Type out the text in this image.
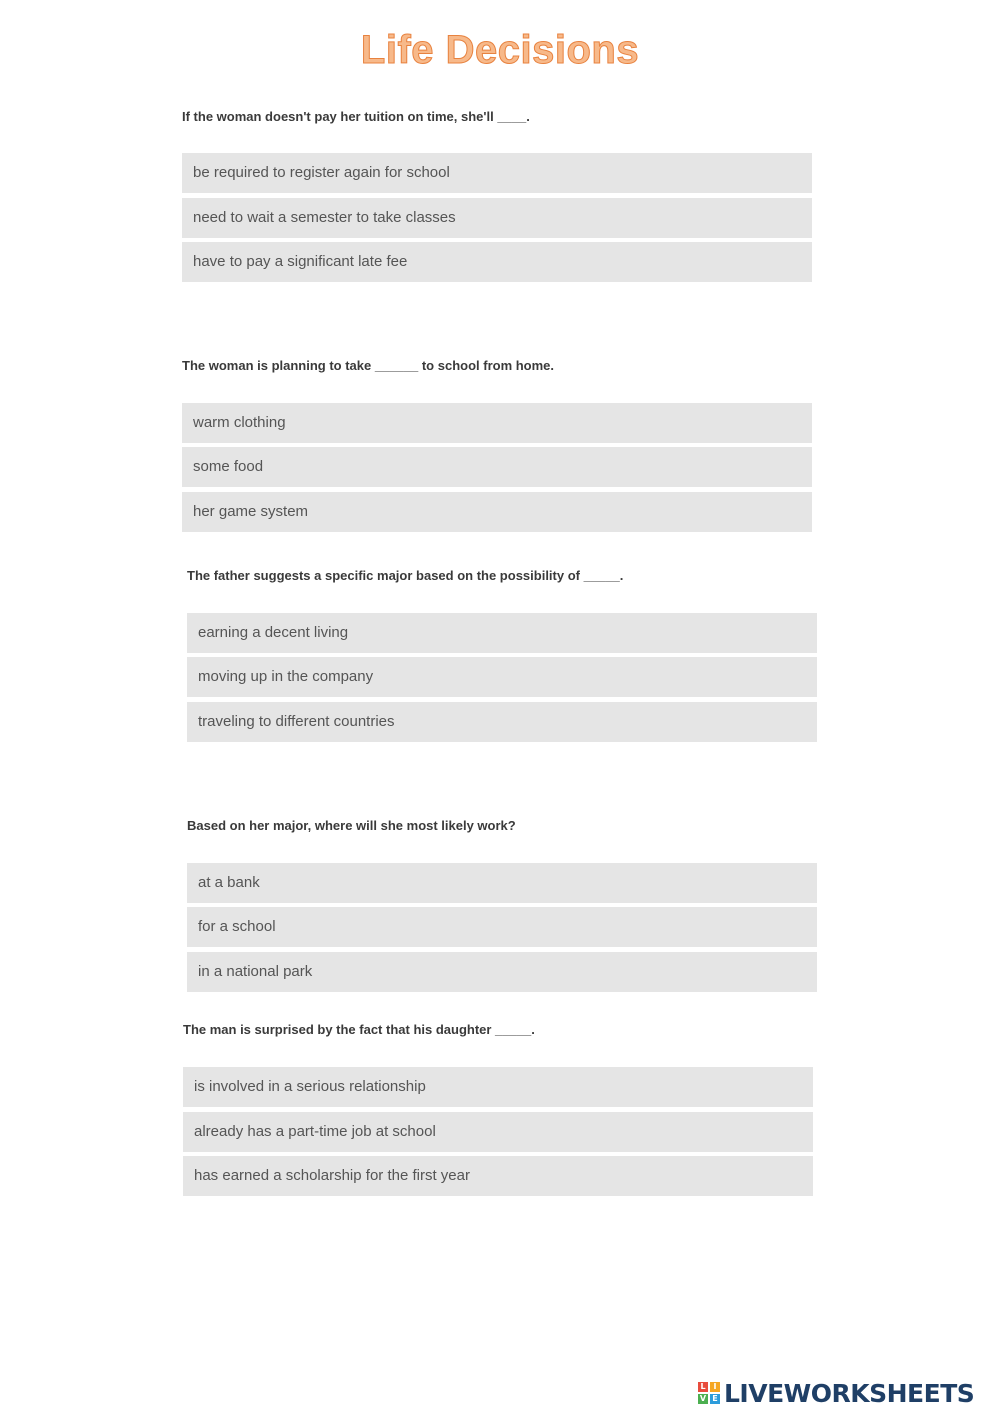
Life Decisions
If the woman doesn't pay her tuition on time, she'll ____.
be required to register again for school
need to wait a semester to take classes
have to pay a significant late fee
The woman is planning to take ______ to school from home.
warm clothing
some food
her game system
The father suggests a specific major based on the possibility of _____.
earning a decent living
moving up in the company
traveling to different countries
Based on her major, where will she most likely work?
at a bank
for a school
in a national park
The man is surprised by the fact that his daughter _____.
is involved in a serious relationship
already has a part-time job at school
has earned a scholarship for the first year
L I
V E LIVEWORKSHEETS
